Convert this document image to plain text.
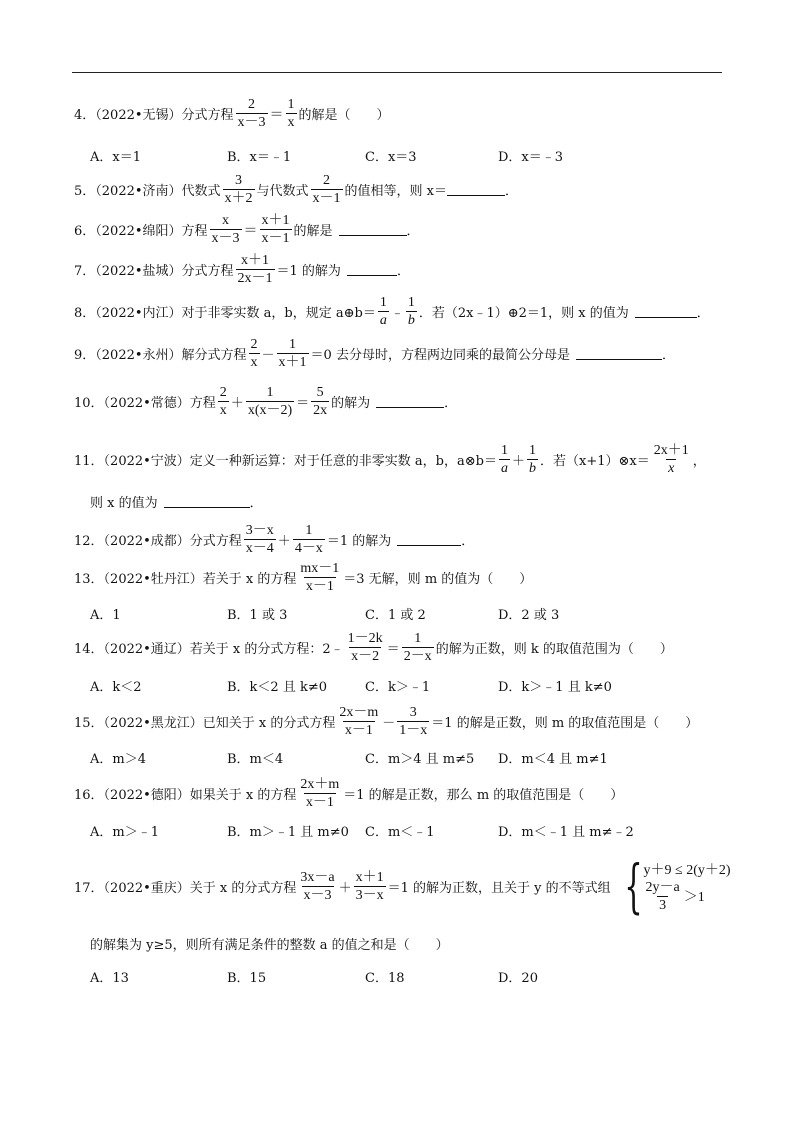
4．（2022•无锡）分式方程 $\frac{2}{x-3} = \frac{1}{x}$ 的解是（　　）
A．x＝1	B．x＝﹣1	C．x＝3	D．x＝﹣3
5．（2022•济南）代数式 $\frac{3}{x+2}$ 与代数式 $\frac{2}{x-1}$ 的值相等，则 x＝	．
6．（2022•绵阳）方程 $\frac{x}{x-3} = \frac{x+1}{x-1}$ 的解是	．
7．（2022•盐城）分式方程 $\frac{x+1}{2x-1} =1$ 的解为	．
8．（2022•内江）对于非零实数 a，b，规定 a⊕b＝ $\frac{1}{a}$ ﹣ $\frac{1}{b}$ ．若（2x﹣1）⊕2＝1，则 x 的值为	．
9．（2022•永州）解分式方程 $\frac{2}{x} - \frac{1}{x+1} =0$ 去分母时，方程两边同乘的最简公分母是	．
10．（2022•常德）方程 $\frac{2}{x} + \frac{1}{x(x-2)} = \frac{5}{2x}$ 的解为	．
11．（2022•宁波）定义一种新运算：对于任意的非零实数 a，b，a⊗b＝ $\frac{1}{a} + \frac{1}{b}$ ．若（x+1）⊗x＝ $\frac{2x+1}{x}$ ，
则 x 的值为	．
12．（2022•成都）分式方程 $\frac{3-x}{x-4} + \frac{1}{4-x} =1$ 的解为	．
13．（2022•牡丹江）若关于 x 的方程 $\frac{mx-1}{x-1} =3$ 无解，则 m 的值为（　　）
A．1	B．1 或 3	C．1 或 2	D．2 或 3
14．（2022•通辽）若关于 x 的分式方程：2﹣ $\frac{1-2k}{x-2} = \frac{1}{2-x}$ 的解为正数，则 k 的取值范围为（　　）
A．k＜2	B．k＜2 且 k≠0	C．k＞﹣1	D．k＞﹣1 且 k≠0
15．（2022•黑龙江）已知关于 x 的分式方程 $\frac{2x-m}{x-1} - \frac{3}{1-x} =1$ 的解是正数，则 m 的取值范围是（　　）
A．m＞4	B．m＜4	C．m＞4 且 m≠5 D．m＜4 且 m≠1
16．（2022•德阳）如果关于 x 的方程 $\frac{2x+m}{x-1} =1$ 的解是正数，那么 m 的取值范围是（　　）
A．m＞﹣1	B．m＞﹣1 且 m≠0 C．m＜﹣1	D．m＜﹣1 且 m≠﹣2
17．（2022•重庆）关于 x 的分式方程 $\frac{3x-a}{x-3} + \frac{x+1}{3-x} =1$ 的解为正数，且关于 y 的不等式组 { y＋9 ≤ 2(y＋2)
$\frac{2y-a}{3} >1$
的解集为 y≥5，则所有满足条件的整数 a 的值之和是（　　）
A．13	B．15	C．18	D．20
